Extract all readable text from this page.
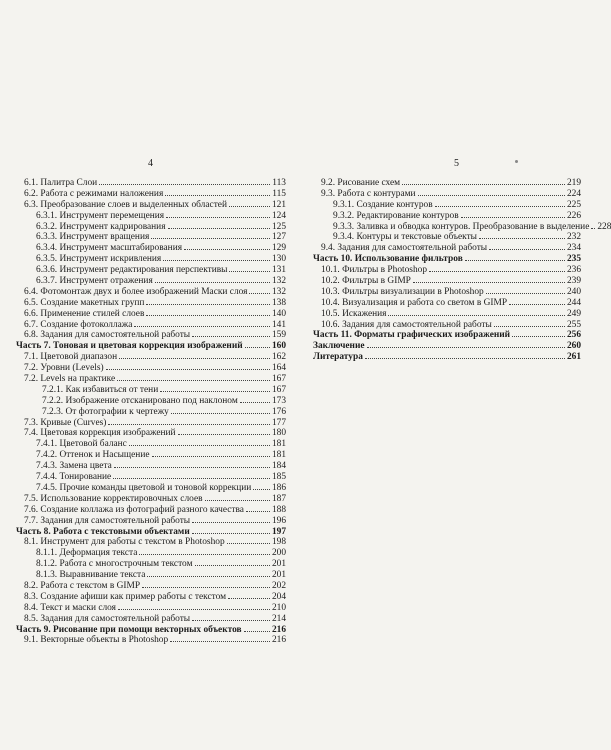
4
6.1. Палитра Слои	113
6.2. Работа с режимами наложения	115
6.3. Преобразование слоев и выделенных областей	121
6.3.1. Инструмент перемещения	124
6.3.2. Инструмент кадрирования	125
6.3.3. Инструмент вращения	127
6.3.4. Инструмент масштабирования	129
6.3.5. Инструмент искривления	130
6.3.6. Инструмент редактирования перспективы	131
6.3.7. Инструмент отражения	132
6.4. Фотомонтаж двух и более изображений Маски слоя	132
6.5. Создание макетных групп	138
6.6. Применение стилей слоев	140
6.7. Создание фотоколлажа	141
6.8. Задания для самостоятельной работы	159
Часть 7. Тоновая и цветовая коррекция изображений	160
7.1. Цветовой диапазон	162
7.2. Уровни (Levels)	164
7.2. Levels на практике	167
7.2.1. Как избавиться от тени	167
7.2.2. Изображение отсканировано под наклоном	173
7.2.3. От фотографии к чертежу	176
7.3. Кривые (Curves)	177
7.4. Цветовая коррекция изображений	180
7.4.1. Цветовой баланс	181
7.4.2. Оттенок и Насыщение	181
7.4.3. Замена цвета	184
7.4.4. Тонирование	185
7.4.5. Прочие команды цветовой и тоновой коррекции 186
7.5. Использование корректировочных слоев	187
7.6. Создание коллажа из фотографий разного качества	188
7.7. Задания для самостоятельной работы	196
Часть 8. Работа с текстовыми объектами	197
8.1. Инструмент для работы с текстом в Photoshop	198
8.1.1. Деформация текста	200
8.1.2. Работа с многострочным текстом	201
8.1.3. Выравнивание текста	201
8.2. Работа с текстом в GIMP	202
8.3. Создание афиши как пример работы с текстом	204
8.4. Текст и маски слоя	210
8.5. Задания для самостоятельной работы	214
Часть 9. Рисование при помощи векторных объектов	216
9.1. Векторные объекты в Photoshop	216
5
9.2. Рисование схем	219
9.3. Работа с контурами	224
9.3.1. Создание контуров	225
9.3.2. Редактирование контуров	226
9.3.3. Заливка и обводка контуров. Преобразование в выделение 228
9.3.4. Контуры и текстовые объекты	232
9.4. Задания для самостоятельной работы	234
Часть 10. Использование фильтров	235
10.1. Фильтры в Photoshop	236
10.2. Фильтры в GIMP	239
10.3. Фильтры визуализации в Photoshop	240
10.4. Визуализация и работа со светом в GIMP	244
10.5. Искажения	249
10.6. Задания для самостоятельной работы	255
Часть 11. Форматы графических изображений	256
Заключение	260
Литература	261
